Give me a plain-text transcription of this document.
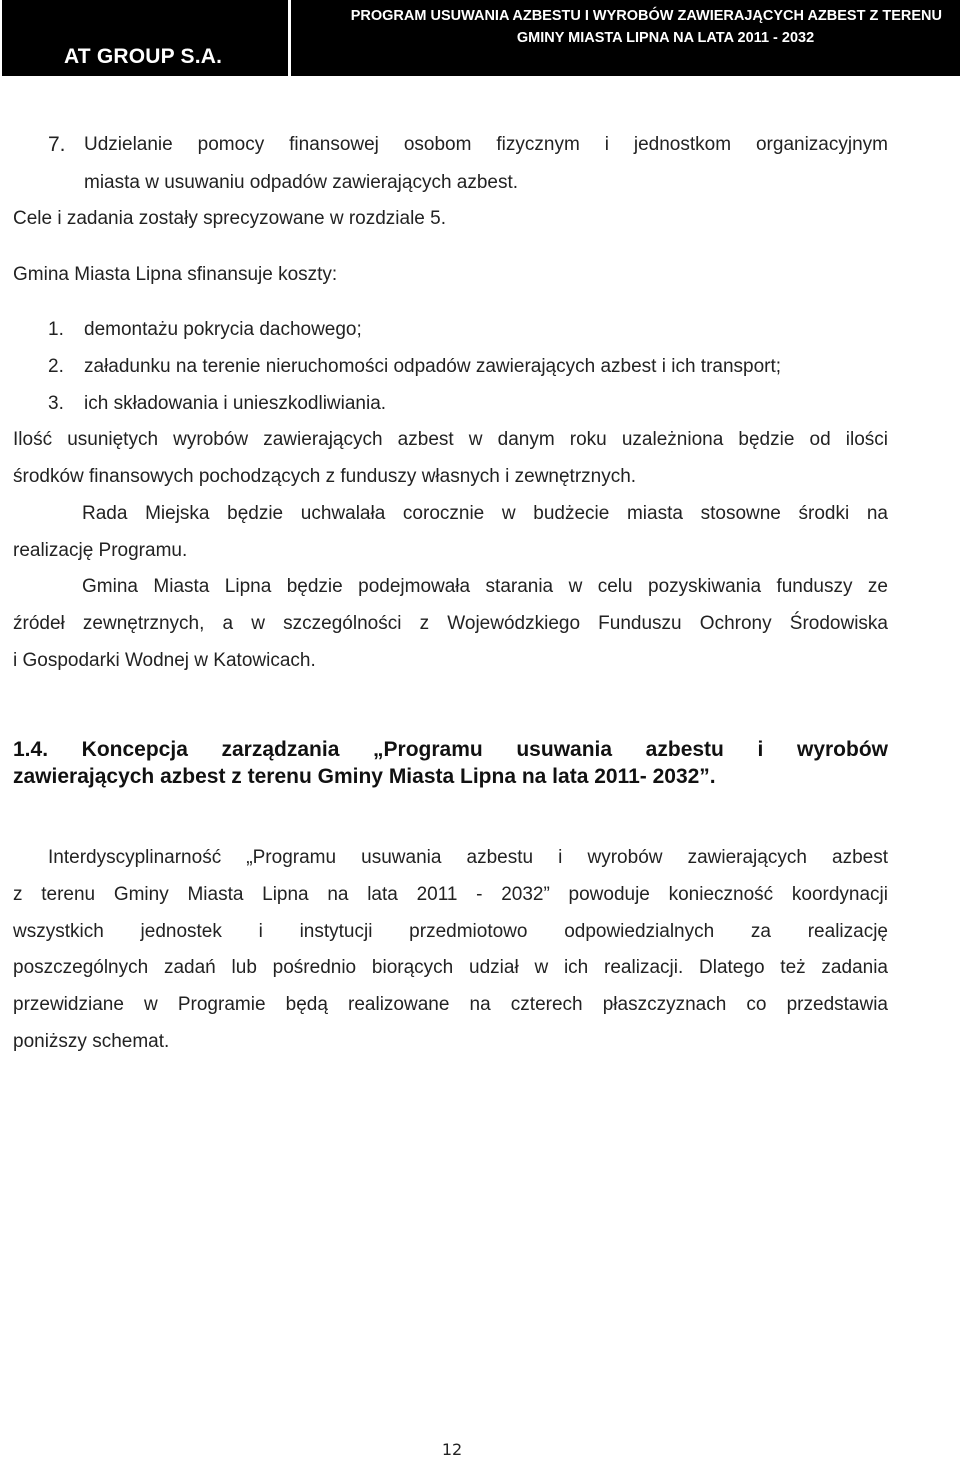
AT GROUP S.A.
PROGRAM USUWANIA AZBESTU I WYROBÓW ZAWIERAJĄCYCH AZBEST Z TERENU
GMINY MIASTA LIPNA NA LATA 2011 - 2032
7. Udzielanie pomocy finansowej osobom fizycznym i jednostkom organizacyjnym
miasta w usuwaniu odpadów zawierających azbest.
Cele i zadania zostały sprecyzowane w rozdziale 5.
Gmina Miasta Lipna sfinansuje koszty:
1. demontażu pokrycia dachowego;
2. załadunku na terenie nieruchomości odpadów zawierających azbest i ich transport;
3. ich składowania i unieszkodliwiania.
Ilość usuniętych wyrobów zawierających azbest w danym roku uzależniona będzie od ilości
środków finansowych pochodzących z funduszy własnych i zewnętrznych.
Rada Miejska będzie uchwalała corocznie w budżecie miasta stosowne środki na
realizację Programu.
Gmina Miasta Lipna będzie podejmowała starania w celu pozyskiwania funduszy ze
źródeł zewnętrznych, a w szczególności z Wojewódzkiego Funduszu Ochrony Środowiska
i Gospodarki Wodnej w Katowicach.
1.4. Koncepcja zarządzania „Programu usuwania azbestu i wyrobów
zawierających azbest z terenu Gminy Miasta Lipna na lata 2011- 2032”.
Interdyscyplinarność „Programu usuwania azbestu i wyrobów zawierających azbest
z terenu Gminy Miasta Lipna na lata 2011 - 2032” powoduje konieczność koordynacji
wszystkich jednostek i instytucji przedmiotowo odpowiedzialnych za realizację
poszczególnych zadań lub pośrednio biorących udział w ich realizacji. Dlatego też zadania
przewidziane w Programie będą realizowane na czterech płaszczyznach co przedstawia
poniższy schemat.
12
